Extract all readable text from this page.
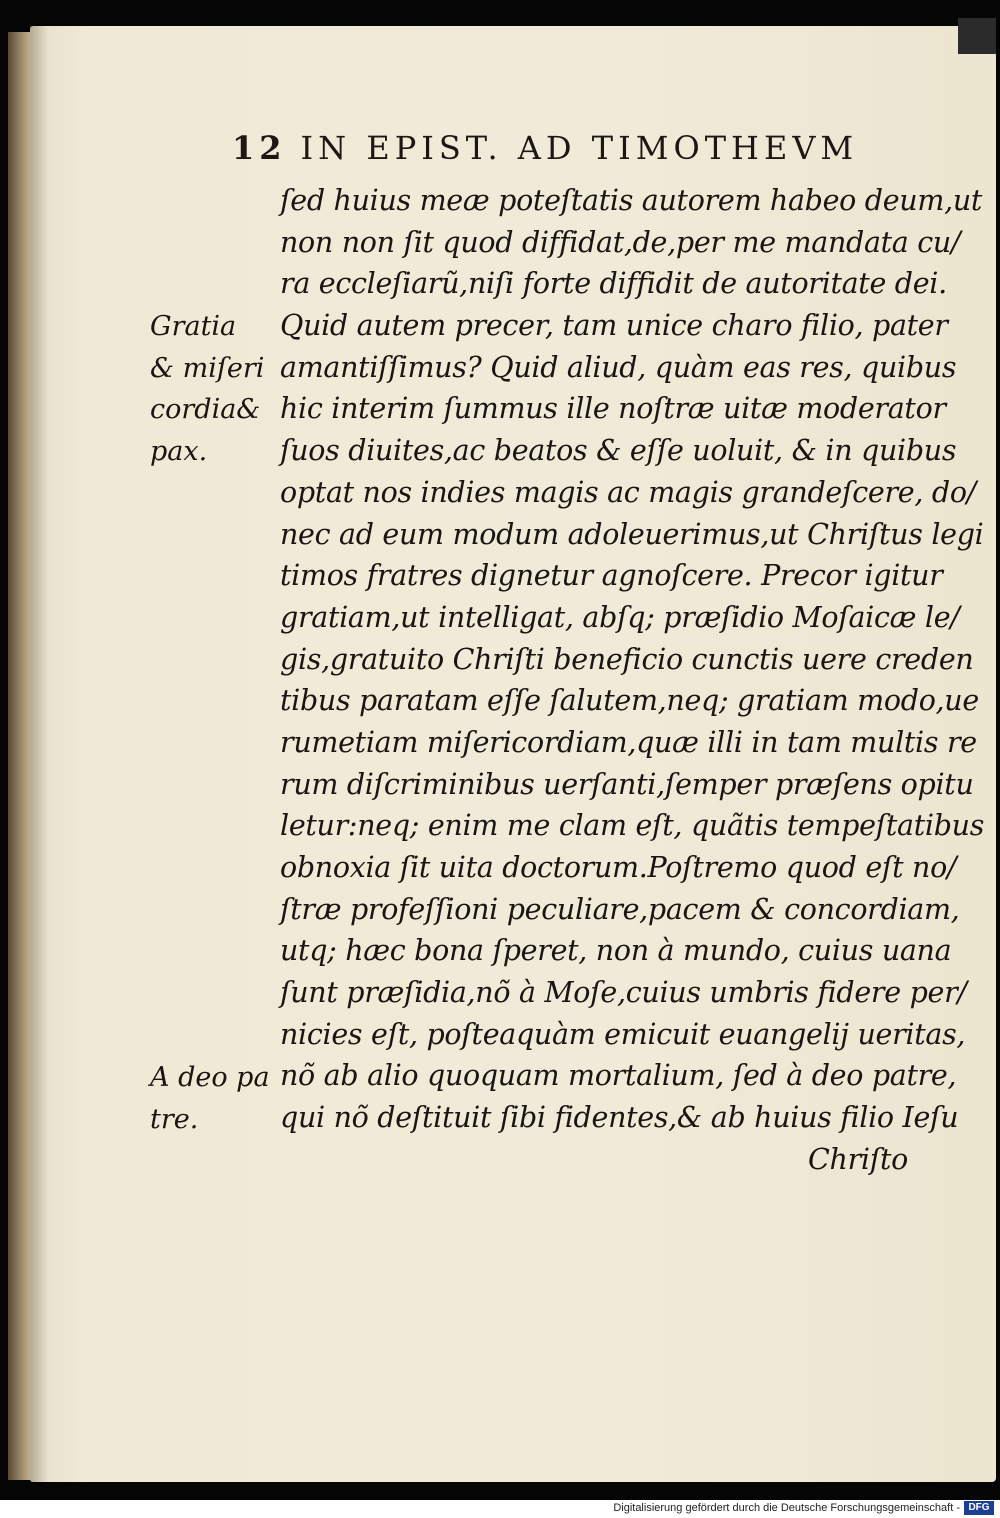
12 IN EPIST. AD TIMOTHEVM
Gratia
& miſeri
cordia&
pax.
A deo pa
tre.
ſed huius meæ poteſtatis autorem habeo deum,ut
non non ſit quod diffidat,de,per me mandata cu/
ra eccleſiarũ,niſi forte diffidit de autoritate dei.
Quid autem precer, tam unice charo filio, pater
amantiſſimus? Quid aliud, quàm eas res, quibus
hic interim ſummus ille noſtræ uitæ moderator
ſuos diuites,ac beatos & eſſe uoluit, & in quibus
optat nos indies magis ac magis grandeſcere, do/
nec ad eum modum adoleuerimus,ut Chriſtus legi
timos fratres dignetur agnoſcere. Precor igitur
gratiam,ut intelligat, abſq; præſidio Moſaicæ le/
gis,gratuito Chriſti beneficio cunctis uere creden
tibus paratam eſſe ſalutem,neq; gratiam modo,ue
rumetiam miſericordiam,quæ illi in tam multis re
rum diſcriminibus uerſanti,ſemper præſens opitu
letur:neq; enim me clam eſt, quãtis tempeſtatibus
obnoxia ſit uita doctorum.Poſtremo quod eſt no/
ſtræ profeſſioni peculiare,pacem & concordiam,
utq; hæc bona ſperet, non à mundo, cuius uana
ſunt præſidia,nõ à Moſe,cuius umbris fidere per/
nicies eſt, poſteaquàm emicuit euangelij ueritas,
nõ ab alio quoquam mortalium, ſed à deo patre,
qui nõ deſtituit ſibi fidentes,& ab huius filio Ieſu
Chriſto
Digitalisierung gefördert durch die Deutsche Forschungsgemeinschaft - DFG
